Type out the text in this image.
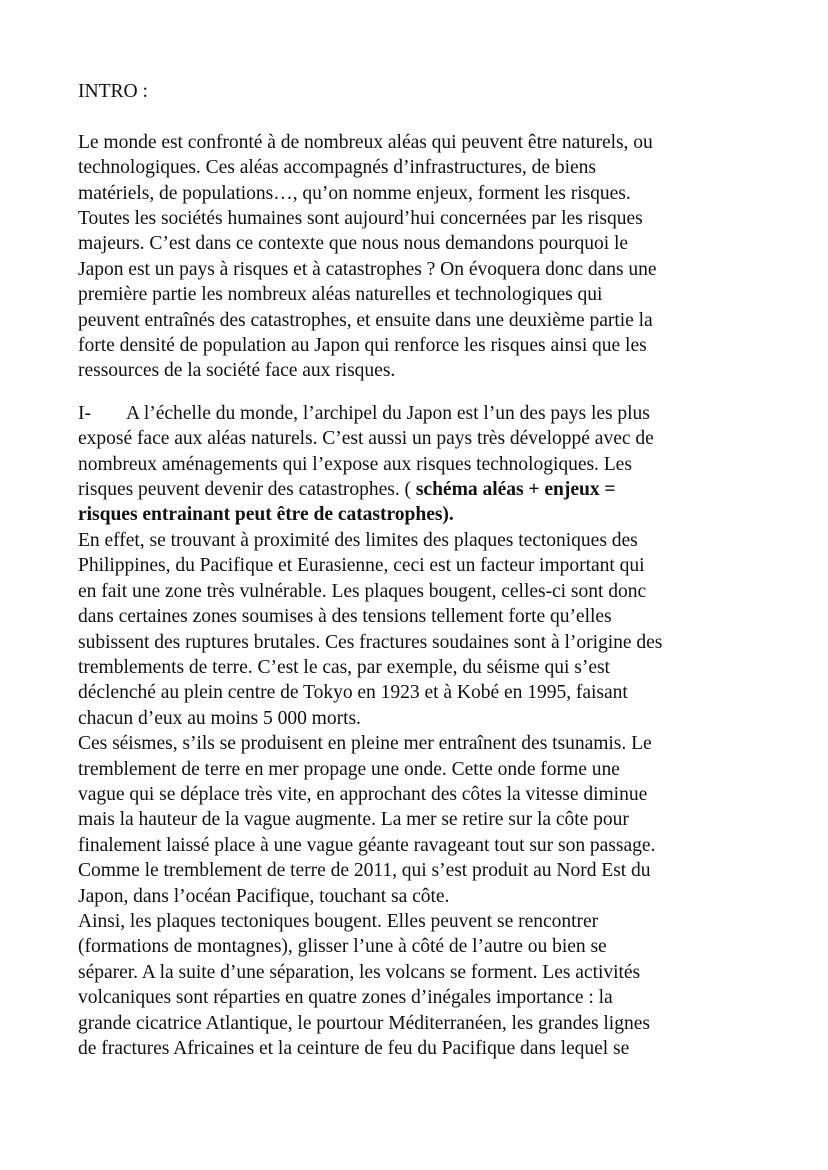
INTRO :
Le monde est confronté à de nombreux aléas qui peuvent être naturels, ou
technologiques. Ces aléas accompagnés d’infrastructures, de biens
matériels, de populations…, qu’on nomme enjeux, forment les risques.
Toutes les sociétés humaines sont aujourd’hui concernées par les risques
majeurs. C’est dans ce contexte que nous nous demandons pourquoi le
Japon est un pays à risques et à catastrophes ? On évoquera donc dans une
première partie les nombreux aléas naturelles et technologiques qui
peuvent entraînés des catastrophes, et ensuite dans une deuxième partie la
forte densité de population au Japon qui renforce les risques ainsi que les
ressources de la société face aux risques.
I- A l’échelle du monde, l’archipel du Japon est l’un des pays les plus
exposé face aux aléas naturels. C’est aussi un pays très développé avec de
nombreux aménagements qui l’expose aux risques technologiques. Les
risques peuvent devenir des catastrophes. ( schéma aléas + enjeux =
risques entrainant peut être de catastrophes).
En effet, se trouvant à proximité des limites des plaques tectoniques des
Philippines, du Pacifique et Eurasienne, ceci est un facteur important qui
en fait une zone très vulnérable. Les plaques bougent, celles-ci sont donc
dans certaines zones soumises à des tensions tellement forte qu’elles
subissent des ruptures brutales. Ces fractures soudaines sont à l’origine des
tremblements de terre. C’est le cas, par exemple, du séisme qui s’est
déclenché au plein centre de Tokyo en 1923 et à Kobé en 1995, faisant
chacun d’eux au moins 5 000 morts.
Ces séismes, s’ils se produisent en pleine mer entraînent des tsunamis. Le
tremblement de terre en mer propage une onde. Cette onde forme une
vague qui se déplace très vite, en approchant des côtes la vitesse diminue
mais la hauteur de la vague augmente. La mer se retire sur la côte pour
finalement laissé place à une vague géante ravageant tout sur son passage.
Comme le tremblement de terre de 2011, qui s’est produit au Nord Est du
Japon, dans l’océan Pacifique, touchant sa côte.
Ainsi, les plaques tectoniques bougent. Elles peuvent se rencontrer
(formations de montagnes), glisser l’une à côté de l’autre ou bien se
séparer. A la suite d’une séparation, les volcans se forment. Les activités
volcaniques sont réparties en quatre zones d’inégales importance : la
grande cicatrice Atlantique, le pourtour Méditerranéen, les grandes lignes
de fractures Africaines et la ceinture de feu du Pacifique dans lequel se
